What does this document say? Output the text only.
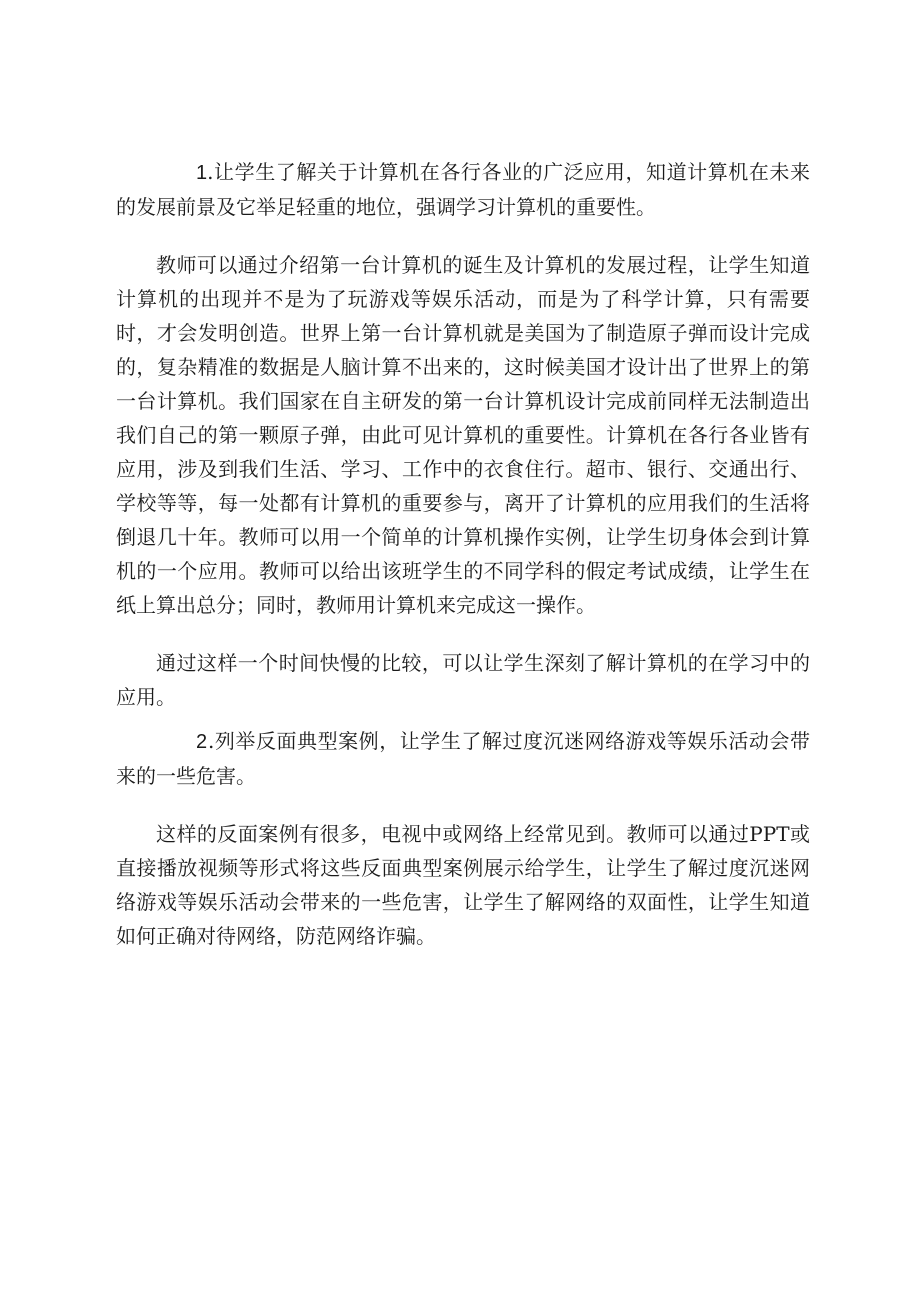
1.让学生了解关于计算机在各行各业的广泛应用，知道计算机在未来的发展前景及它举足轻重的地位，强调学习计算机的重要性。

教师可以通过介绍第一台计算机的诞生及计算机的发展过程，让学生知道计算机的出现并不是为了玩游戏等娱乐活动，而是为了科学计算，只有需要时，才会发明创造。世界上第一台计算机就是美国为了制造原子弹而设计完成的，复杂精准的数据是人脑计算不出来的，这时候美国才设计出了世界上的第一台计算机。我们国家在自主研发的第一台计算机设计完成前同样无法制造出我们自己的第一颗原子弹，由此可见计算机的重要性。计算机在各行各业皆有应用，涉及到我们生活、学习、工作中的衣食住行。超市、银行、交通出行、学校等等，每一处都有计算机的重要参与，离开了计算机的应用我们的生活将倒退几十年。教师可以用一个简单的计算机操作实例，让学生切身体会到计算机的一个应用。教师可以给出该班学生的不同学科的假定考试成绩，让学生在纸上算出总分；同时，教师用计算机来完成这一操作。

通过这样一个时间快慢的比较，可以让学生深刻了解计算机的在学习中的应用。

2.列举反面典型案例，让学生了解过度沉迷网络游戏等娱乐活动会带来的一些危害。

这样的反面案例有很多，电视中或网络上经常见到。教师可以通过PPT或直接播放视频等形式将这些反面典型案例展示给学生，让学生了解过度沉迷网络游戏等娱乐活动会带来的一些危害，让学生了解网络的双面性，让学生知道如何正确对待网络，防范网络诈骗。
